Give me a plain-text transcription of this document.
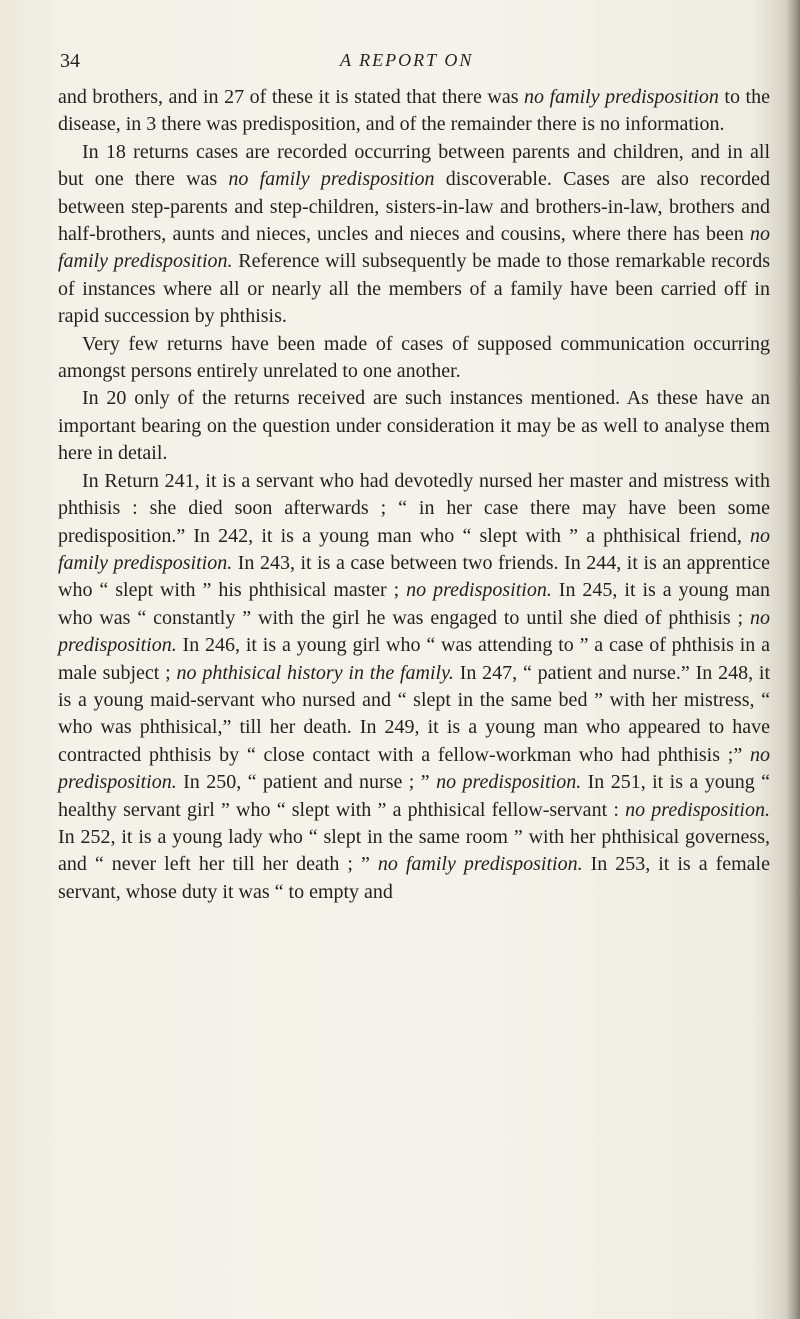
34	A REPORT ON

and brothers, and in 27 of these it is stated that there was no family predisposition to the disease, in 3 there was predisposition, and of the remainder there is no information.

In 18 returns cases are recorded occurring between parents and children, and in all but one there was no family predisposition discoverable. Cases are also recorded between step-parents and step-children, sisters-in-law and brothers-in-law, brothers and half-brothers, aunts and nieces, uncles and nieces and cousins, where there has been no family predisposition. Reference will subsequently be made to those remarkable records of instances where all or nearly all the members of a family have been carried off in rapid succession by phthisis.

Very few returns have been made of cases of supposed communication occurring amongst persons entirely unrelated to one another.

In 20 only of the returns received are such instances mentioned. As these have an important bearing on the question under consideration it may be as well to analyse them here in detail.

In Return 241, it is a servant who had devotedly nursed her master and mistress with phthisis : she died soon afterwards ; “ in her case there may have been some predisposition.” In 242, it is a young man who “ slept with ” a phthisical friend, no family predisposition. In 243, it is a case between two friends. In 244, it is an apprentice who “ slept with ” his phthisical master ; no predisposition. In 245, it is a young man who was “ constantly ” with the girl he was engaged to until she died of phthisis ; no predisposition. In 246, it is a young girl who “ was attending to ” a case of phthisis in a male subject ; no phthisical history in the family. In 247, “ patient and nurse.” In 248, it is a young maid-servant who nursed and “ slept in the same bed ” with her mistress, “ who was phthisical,” till her death. In 249, it is a young man who appeared to have contracted phthisis by “ close contact with a fellow-workman who had phthisis ;” no predisposition. In 250, “ patient and nurse ; ” no predisposition. In 251, it is a young “ healthy servant girl ” who “ slept with ” a phthisical fellow-servant : no predisposition. In 252, it is a young lady who “ slept in the same room ” with her phthisical governess, and “ never left her till her death ; ” no family predisposition. In 253, it is a female servant, whose duty it was “ to empty and
